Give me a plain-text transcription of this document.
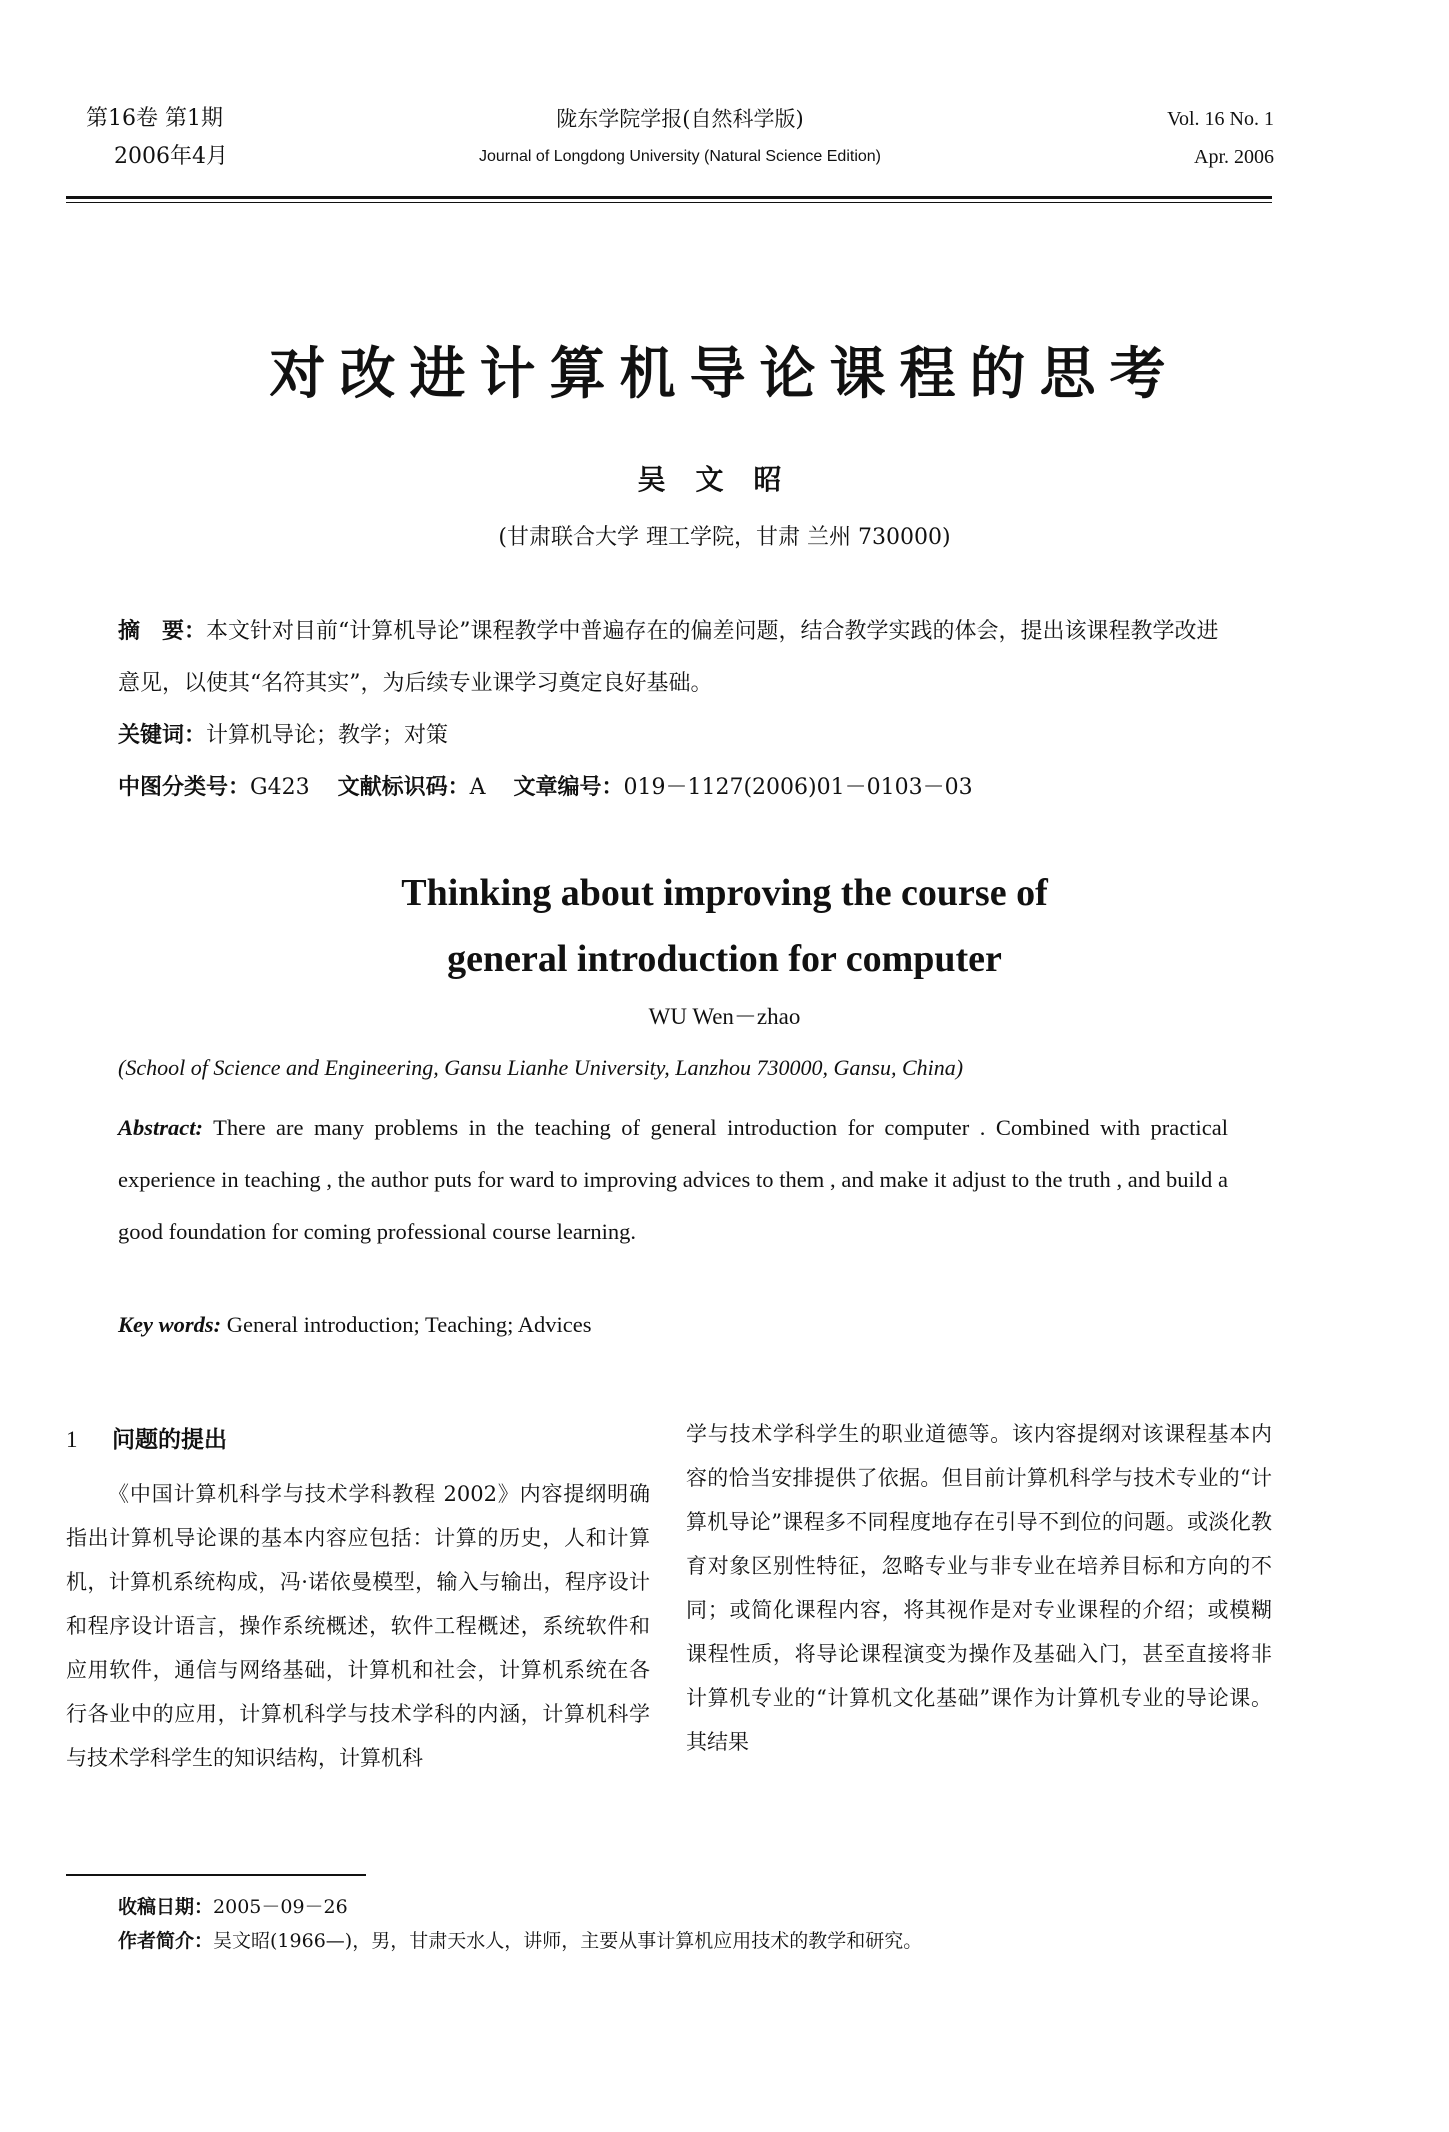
第16卷 第1期
2006年4月
陇东学院学报(自然科学版)
Journal of Longdong University (Natural Science Edition)
Vol. 16 No. 1
Apr. 2006
对改进计算机导论课程的思考
吴文昭
(甘肃联合大学 理工学院，甘肃 兰州 730000)

摘　要：本文针对目前“计算机导论”课程教学中普遍存在的偏差问题，结合教学实践的体会，提出该课程教学改进意见，以使其“名符其实”，为后续专业课学习奠定良好基础。

关键词：计算机导论；教学；对策

中图分类号：G423 文献标识码：A 文章编号：019－1127(2006)01－0103－03

Thinking about improving the course of
general introduction for computer
WU Wen－zhao
(School of Science and Engineering, Gansu Lianhe University, Lanzhou 730000, Gansu, China)
Abstract: There are many problems in the teaching of general introduction for computer . Combined with practical experience in teaching , the author puts for ward to improving advices to them , and make it adjust to the truth , and build a good foundation for coming professional course learning.
Key words: General introduction; Teaching; Advices
1 问题的提出

《中国计算机科学与技术学科教程 2002》内容提纲明确指出计算机导论课的基本内容应包括：计算的历史，人和计算机，计算机系统构成，冯·诺依曼模型，输入与输出，程序设计和程序设计语言，操作系统概述，软件工程概述，系统软件和应用软件，通信与网络基础，计算机和社会，计算机系统在各行各业中的应用，计算机科学与技术学科的内涵，计算机科学与技术学科学生的知识结构，计算机科

学与技术学科学生的职业道德等。该内容提纲对该课程基本内容的恰当安排提供了依据。但目前计算机科学与技术专业的“计算机导论”课程多不同程度地存在引导不到位的问题。或淡化教育对象区别性特征，忽略专业与非专业在培养目标和方向的不同；或简化课程内容，将其视作是对专业课程的介绍；或模糊课程性质，将导论课程演变为操作及基础入门，甚至直接将非计算机专业的“计算机文化基础”课作为计算机专业的导论课。其结果

收稿日期：2005－09－26
作者简介：吴文昭(1966—)，男，甘肃天水人，讲师，主要从事计算机应用技术的教学和研究。
